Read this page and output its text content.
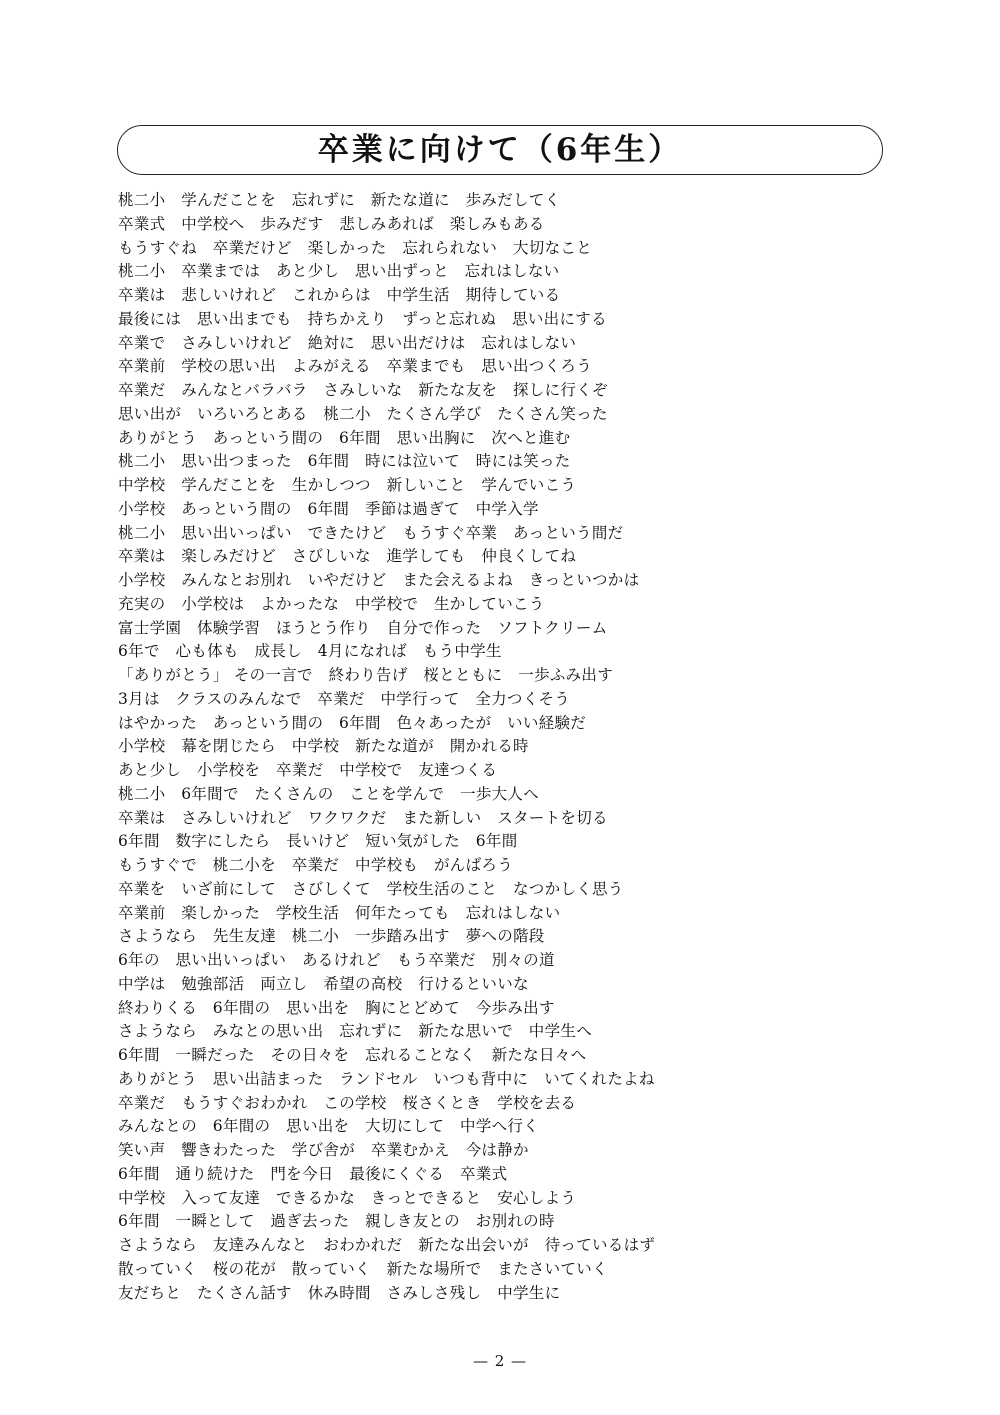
卒業に向けて（6年生）
桃二小　学んだことを　忘れずに　新たな道に　歩みだしてく
卒業式　中学校へ　歩みだす　悲しみあれば　楽しみもある
もうすぐね　卒業だけど　楽しかった　忘れられない　大切なこと
桃二小　卒業までは　あと少し　思い出ずっと　忘れはしない
卒業は　悲しいけれど　これからは　中学生活　期待している
最後には　思い出までも　持ちかえり　ずっと忘れぬ　思い出にする
卒業で　さみしいけれど　絶対に　思い出だけは　忘れはしない
卒業前　学校の思い出　よみがえる　卒業までも　思い出つくろう
卒業だ　みんなとバラバラ　さみしいな　新たな友を　探しに行くぞ
思い出が　いろいろとある　桃二小　たくさん学び　たくさん笑った
ありがとう　あっという間の　6年間　思い出胸に　次へと進む
桃二小　思い出つまった　6年間　時には泣いて　時には笑った
中学校　学んだことを　生かしつつ　新しいこと　学んでいこう
小学校　あっという間の　6年間　季節は過ぎて　中学入学
桃二小　思い出いっぱい　できたけど　もうすぐ卒業　あっという間だ
卒業は　楽しみだけど　さびしいな　進学しても　仲良くしてね
小学校　みんなとお別れ　いやだけど　また会えるよね　きっといつかは
充実の　小学校は　よかったな　中学校で　生かしていこう
富士学園　体験学習　ほうとう作り　自分で作った　ソフトクリーム
6年で　心も体も　成長し　4月になれば　もう中学生
「ありがとう」 その一言で　終わり告げ　桜とともに　一歩ふみ出す
3月は　クラスのみんなで　卒業だ　中学行って　全力つくそう
はやかった　あっという間の　6年間　色々あったが　いい経験だ
小学校　幕を閉じたら　中学校　新たな道が　開かれる時
あと少し　小学校を　卒業だ　中学校で　友達つくる
桃二小　6年間で　たくさんの　ことを学んで　一歩大人へ
卒業は　さみしいけれど　ワクワクだ　また新しい　スタートを切る
6年間　数字にしたら　長いけど　短い気がした　6年間
もうすぐで　桃二小を　卒業だ　中学校も　がんばろう
卒業を　いざ前にして　さびしくて　学校生活のこと　なつかしく思う
卒業前　楽しかった　学校生活　何年たっても　忘れはしない
さようなら　先生友達　桃二小　一歩踏み出す　夢への階段
6年の　思い出いっぱい　あるけれど　もう卒業だ　別々の道
中学は　勉強部活　両立し　希望の高校　行けるといいな
終わりくる　6年間の　思い出を　胸にとどめて　今歩み出す
さようなら　みなとの思い出　忘れずに　新たな思いで　中学生へ
6年間　一瞬だった　その日々を　忘れることなく　新たな日々へ
ありがとう　思い出詰まった　ランドセル　いつも背中に　いてくれたよね
卒業だ　もうすぐおわかれ　この学校　桜さくとき　学校を去る
みんなとの　6年間の　思い出を　大切にして　中学へ行く
笑い声　響きわたった　学び舎が　卒業むかえ　今は静か
6年間　通り続けた　門を今日　最後にくぐる　卒業式
中学校　入って友達　できるかな　きっとできると　安心しよう
6年間　一瞬として　過ぎ去った　親しき友との　お別れの時
さようなら　友達みんなと　おわかれだ　新たな出会いが　待っているはず
散っていく　桜の花が　散っていく　新たな場所で　またさいていく
友だちと　たくさん話す　休み時間　さみしさ残し　中学生に
— 2 —
